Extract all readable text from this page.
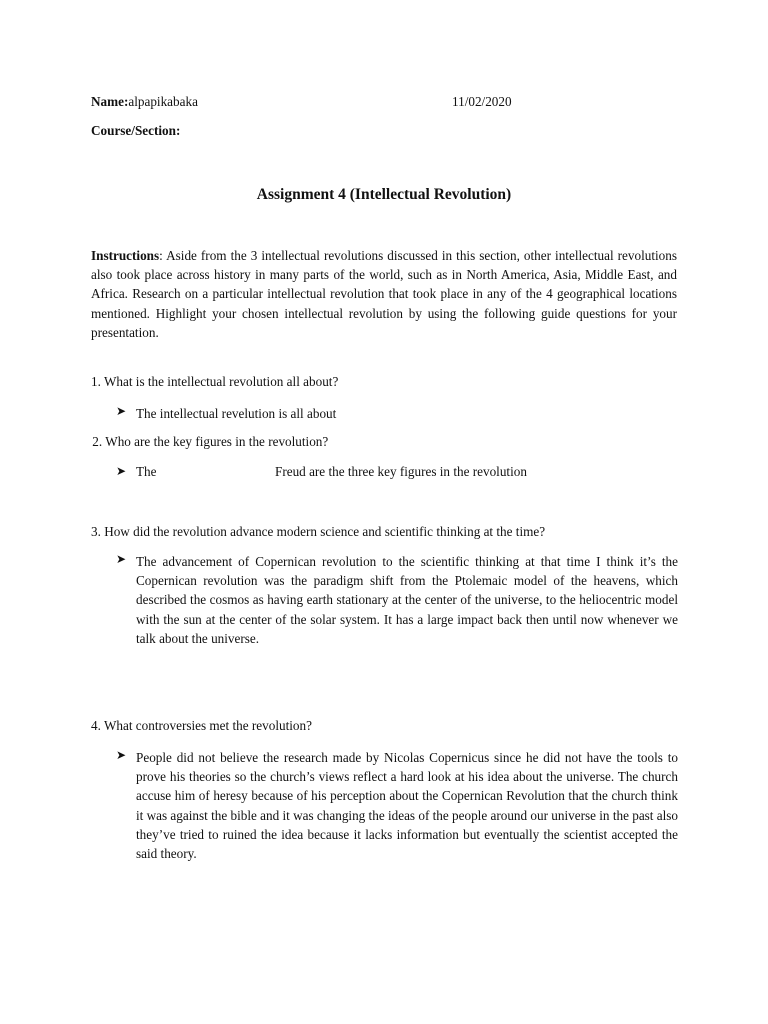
Name:alpapikabaka	11/02/2020
Course/Section:
Assignment 4 (Intellectual Revolution)
Instructions: Aside from the 3 intellectual revolutions discussed in this section, other intellectual revolutions also took place across history in many parts of the world, such as in North America, Asia, Middle East, and Africa. Research on a particular intellectual revolution that took place in any of the 4 geographical locations mentioned. Highlight your chosen intellectual revolution by using the following guide questions for your presentation.
1. What is the intellectual revolution all about?
➤ The intellectual revelution is all about
2. Who are the key figures in the revolution?
➤ The	Freud are the three key figures in the revolution
3. How did the revolution advance modern science and scientific thinking at the time?
➤ The advancement of Copernican revolution to the scientific thinking at that time I think it’s the Copernican revolution was the paradigm shift from the Ptolemaic model of the heavens, which described the cosmos as having earth stationary at the center of the universe, to the heliocentric model with the sun at the center of the solar system. It has a large impact back then until now whenever we talk about the universe.
4. What controversies met the revolution?
➤ People did not believe the research made by Nicolas Copernicus since he did not have the tools to prove his theories so the church’s views reflect a hard look at his idea about the universe. The church accuse him of heresy because of his perception about the Copernican Revolution that the church think it was against the bible and it was changing the ideas of the people around our universe in the past also they’ve tried to ruined the idea because it lacks information but eventually the scientist accepted the said theory.
